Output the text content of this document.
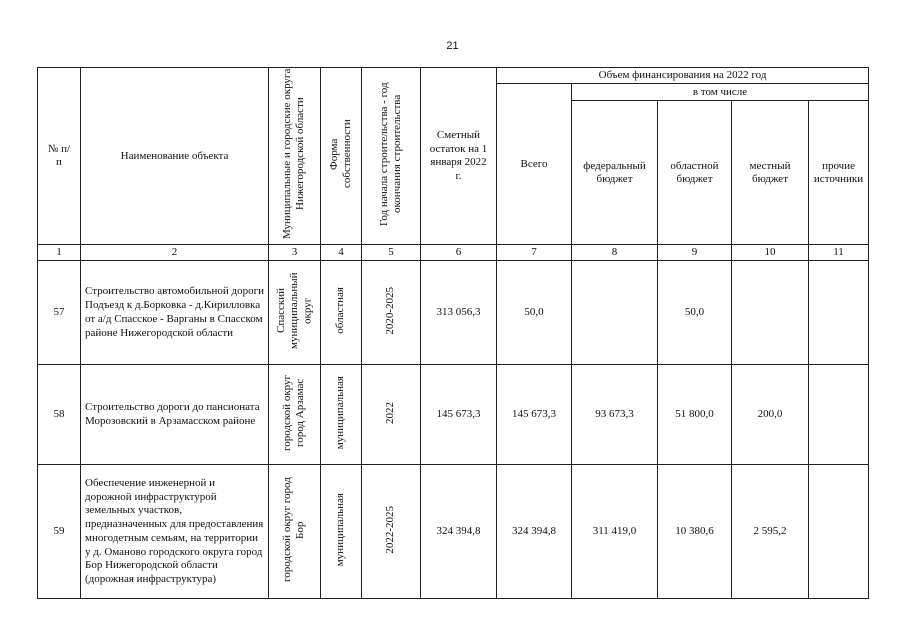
21
№ п/п	Наименование объекта	Муниципальные и городские округа Нижегородской области	Форма собственности	Год начала строительства - год окончания строительства	Сметный остаток на 1 января 2022 г.	Объем финансирования на 2022 год				
						Всего	в том числе			
							федеральный бюджет	областной бюджет	местный бюджет	прочие источники
1	2	3	4	5	6	7	8	9	10	11
57	Строительство автомобильной дороги Подъезд к д.Борковка - д.Кирилловка от а/д Спасское - Варганы в Спасском районе Нижегородской области	Спасский муниципальный округ	областная	2020-2025	313 056,3	50,0		50,0		
58	Строительство дороги до пансионата Морозовский в Арзамасском районе	городской округ город Арзамас	муниципальная	2022	145 673,3	145 673,3	93 673,3	51 800,0	200,0	
59	Обеспечение инженерной и дорожной инфраструктурой земельных участков, предназначенных для предоставления многодетным семьям, на территории у д. Оманово городского округа город Бор Нижегородской области (дорожная инфраструктура)	городской округ город Бор	муниципальная	2022-2025	324 394,8	324 394,8	311 419,0	10 380,6	2 595,2	
